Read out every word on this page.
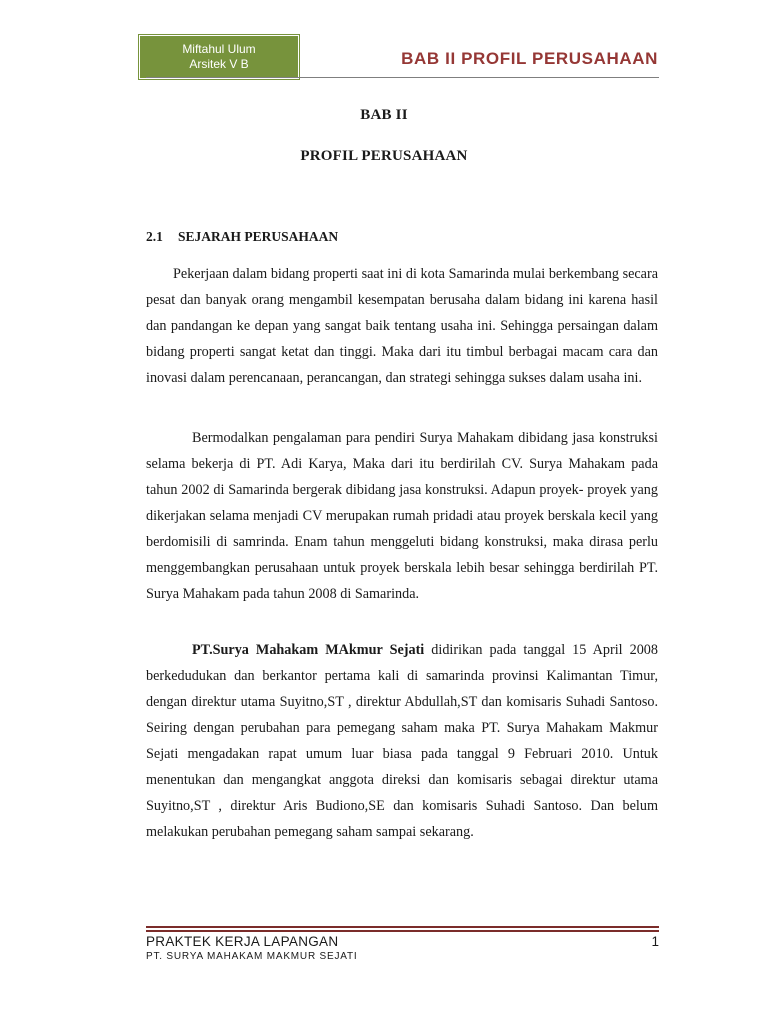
Miftahul Ulum
Arsitek V B	BAB II PROFIL PERUSAHAAN
BAB II
PROFIL PERUSAHAAN
2.1 SEJARAH PERUSAHAAN

Pekerjaan dalam bidang properti saat ini di kota Samarinda mulai berkembang secara pesat dan banyak orang mengambil kesempatan berusaha dalam bidang ini karena hasil dan pandangan ke depan yang sangat baik tentang usaha ini. Sehingga persaingan dalam bidang properti sangat ketat dan tinggi. Maka dari itu timbul berbagai macam cara dan inovasi dalam perencanaan, perancangan, dan strategi sehingga sukses dalam usaha ini.

Bermodalkan pengalaman para pendiri Surya Mahakam dibidang jasa konstruksi selama bekerja di PT. Adi Karya, Maka dari itu berdirilah CV. Surya Mahakam pada tahun 2002 di Samarinda bergerak dibidang jasa konstruksi. Adapun proyek- proyek yang dikerjakan selama menjadi CV merupakan rumah pridadi atau proyek berskala kecil yang berdomisili di samrinda. Enam tahun menggeluti bidang konstruksi, maka dirasa perlu menggembangkan perusahaan untuk proyek berskala lebih besar sehingga berdirilah PT. Surya Mahakam pada tahun 2008 di Samarinda.

PT.Surya Mahakam MAkmur Sejati didirikan pada tanggal 15 April 2008 berkedudukan dan berkantor pertama kali di samarinda provinsi Kalimantan Timur, dengan direktur utama Suyitno,ST , direktur Abdullah,ST dan komisaris Suhadi Santoso. Seiring dengan perubahan para pemegang saham maka PT. Surya Mahakam Makmur Sejati mengadakan rapat umum luar biasa pada tanggal 9 Februari 2010. Untuk menentukan dan mengangkat anggota direksi dan komisaris sebagai direktur utama Suyitno,ST , direktur Aris Budiono,SE dan komisaris Suhadi Santoso. Dan belum melakukan perubahan pemegang saham sampai sekarang.

PRAKTEK KERJA LAPANGAN	1
PT. SURYA MAHAKAM MAKMUR SEJATI
